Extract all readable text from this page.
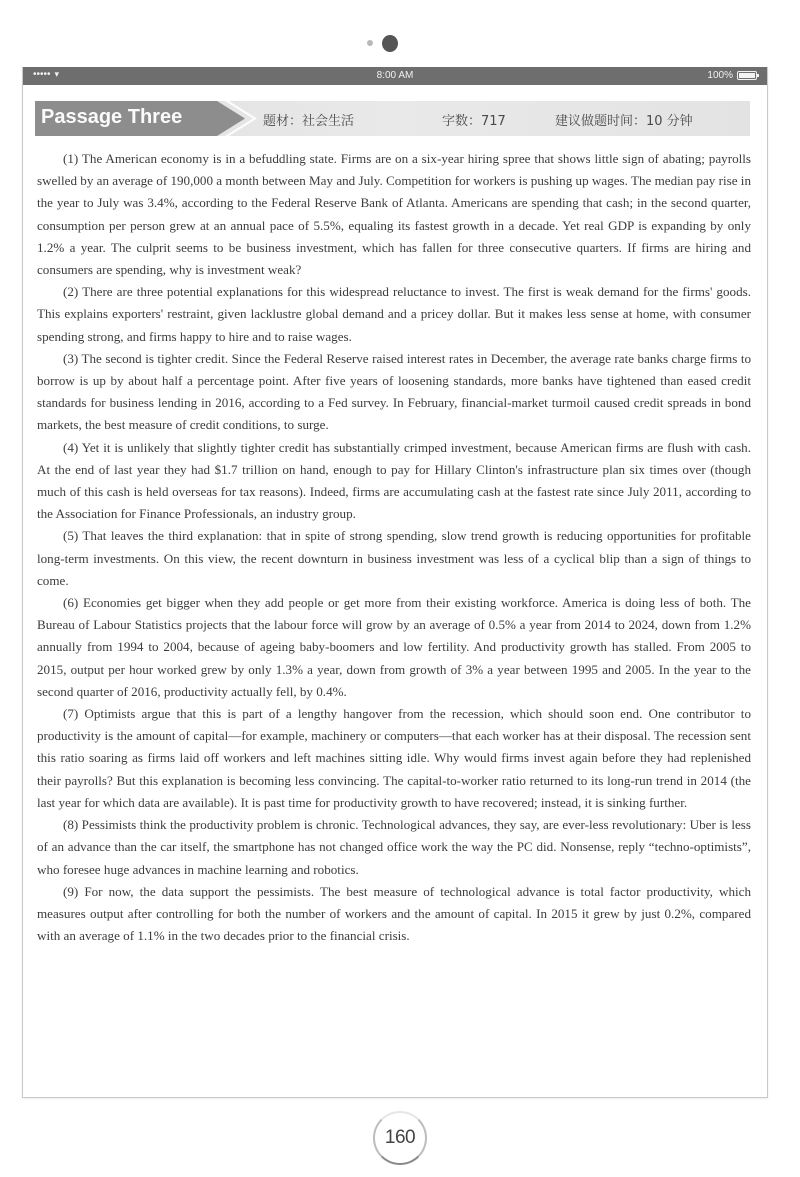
••••• ▾	8:00 AM	100%
Passage Three	题材：社会生活	字数：717	建议做题时间：10 分钟

(1) The American economy is in a befuddling state. Firms are on a six-year hiring spree that shows little sign of abating; payrolls swelled by an average of 190,000 a month between May and July. Competition for workers is pushing up wages. The median pay rise in the year to July was 3.4%, according to the Federal Reserve Bank of Atlanta. Americans are spending that cash; in the second quarter, consumption per person grew at an annual pace of 5.5%, equaling its fastest growth in a decade. Yet real GDP is expanding by only 1.2% a year. The culprit seems to be business investment, which has fallen for three consecutive quarters. If firms are hiring and consumers are spending, why is investment weak?

(2) There are three potential explanations for this widespread reluctance to invest. The first is weak demand for the firms' goods. This explains exporters' restraint, given lacklustre global demand and a pricey dollar. But it makes less sense at home, with consumer spending strong, and firms happy to hire and to raise wages.

(3) The second is tighter credit. Since the Federal Reserve raised interest rates in December, the average rate banks charge firms to borrow is up by about half a percentage point. After five years of loosening standards, more banks have tightened than eased credit standards for business lending in 2016, according to a Fed survey. In February, financial-market turmoil caused credit spreads in bond markets, the best measure of credit conditions, to surge.

(4) Yet it is unlikely that slightly tighter credit has substantially crimped investment, because American firms are flush with cash. At the end of last year they had $1.7 trillion on hand, enough to pay for Hillary Clinton's infrastructure plan six times over (though much of this cash is held overseas for tax reasons). Indeed, firms are accumulating cash at the fastest rate since July 2011, according to the Association for Finance Professionals, an industry group.

(5) That leaves the third explanation: that in spite of strong spending, slow trend growth is reducing opportunities for profitable long-term investments. On this view, the recent downturn in business investment was less of a cyclical blip than a sign of things to come.

(6) Economies get bigger when they add people or get more from their existing workforce. America is doing less of both. The Bureau of Labour Statistics projects that the labour force will grow by an average of 0.5% a year from 2014 to 2024, down from 1.2% annually from 1994 to 2004, because of ageing baby-boomers and low fertility. And productivity growth has stalled. From 2005 to 2015, output per hour worked grew by only 1.3% a year, down from growth of 3% a year between 1995 and 2005. In the year to the second quarter of 2016, productivity actually fell, by 0.4%.

(7) Optimists argue that this is part of a lengthy hangover from the recession, which should soon end. One contributor to productivity is the amount of capital—for example, machinery or computers—that each worker has at their disposal. The recession sent this ratio soaring as firms laid off workers and left machines sitting idle. Why would firms invest again before they had replenished their payrolls? But this explanation is becoming less convincing. The capital-to-worker ratio returned to its long-run trend in 2014 (the last year for which data are available). It is past time for productivity growth to have recovered; instead, it is sinking further.

(8) Pessimists think the productivity problem is chronic. Technological advances, they say, are ever-less revolutionary: Uber is less of an advance than the car itself, the smartphone has not changed office work the way the PC did. Nonsense, reply “techno-optimists”, who foresee huge advances in machine learning and robotics.

(9) For now, the data support the pessimists. The best measure of technological advance is total factor productivity, which measures output after controlling for both the number of workers and the amount of capital. In 2015 it grew by just 0.2%, compared with an average of 1.1% in the two decades prior to the financial crisis.

160
